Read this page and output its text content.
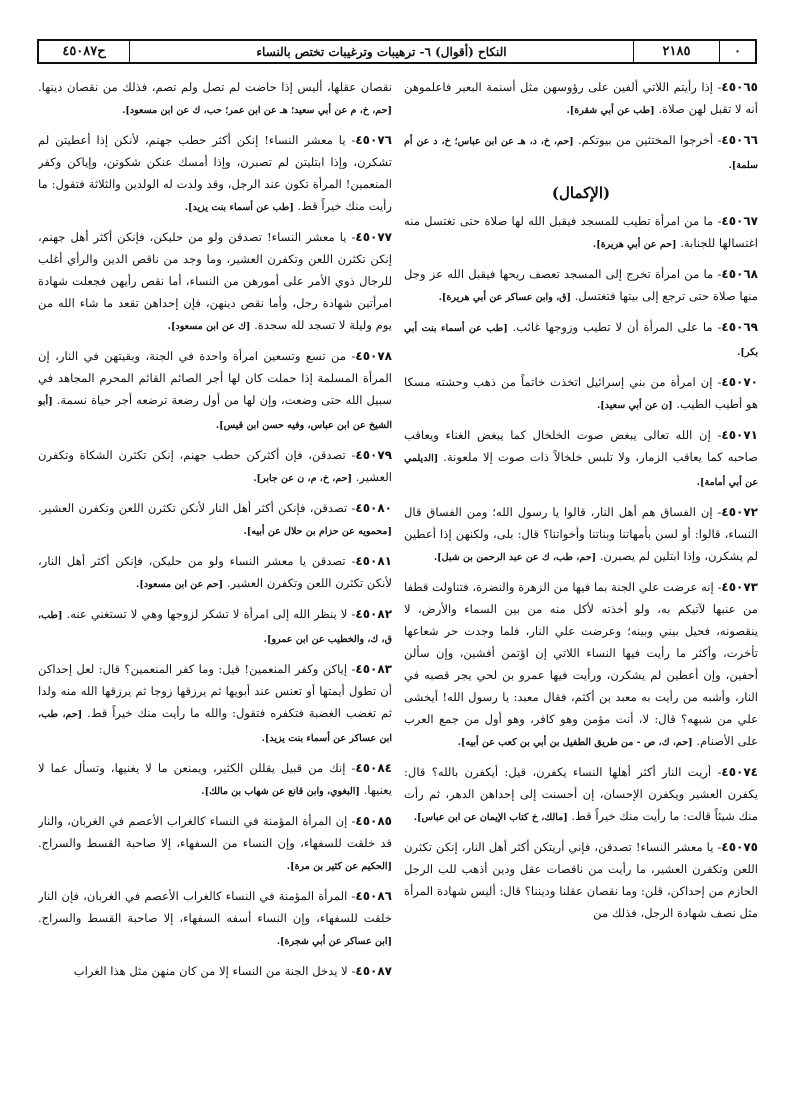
٠
٢١٨٥
النكاح (أقوال) ٦- ترهيبات وترغيبات تختص بالنساء
ح٤٥٠٨٧
٤٥٠٦٥- إذا رأيتم اللاتي ألفين على رؤوسهن مثل أسنمة البعير فاعلموهن أنه لا تقبل لهن صلاة. [طب عن أبي شقرة].
٤٥٠٦٦- أخرجوا المختثين من بيوتكم. [حم، خ، د، هـ عن ابن عباس؛ خ، د عن أم سلمة].
(الإكمال)
٤٥٠٦٧- ما من امرأة تطيب للمسجد فيقبل الله لها صلاة حتى تغتسل منه اغتسالها للجنابة. [حم عن أبي هريرة].
٤٥٠٦٨- ما من امرأة تخرج إلى المسجد تعصف ريحها فيقبل الله عز وجل منها صلاة حتى ترجع إلى بيتها فتغتسل. [ق، وابن عساكر عن أبي هريرة].
٤٥٠٦٩- ما على المرأة أن لا تطيب وزوجها غائب. [طب عن أسماء بنت أبي بكر].
٤٥٠٧٠- إن امرأة من بني إسرائيل اتخذت خاتماً من ذهب وحشته مسكا هو أطيب الطيب. [ن عن أبي سعيد].
٤٥٠٧١- إن الله تعالى يبغض صوت الخلخال كما يبغض الغناء ويعاقب صاحبه كما يعاقب الزمار، ولا تلبس خلخالاً ذات صوت إلا ملعونة. [الديلمي عن أبي أمامة].
٤٥٠٧٢- إن الفساق هم أهل النار، قالوا يا رسول الله؛ ومن الفساق قال النساء، قالوا: أو لسن بأمهاتنا وبناتنا وأخواتنا؟ قال: بلى، ولكنهن إذا أعطين لم يشكرن، وإذا ابتلين لم يصبرن. [حم، طب، ك عن عبد الرحمن بن شبل].
٤٥٠٧٣- إنه عرضت علي الجنة بما فيها من الزهرة والنضرة، فتناولت قطفا من عنبها لآتيكم به، ولو أخذته لأكل منه من بين السماء والأرض، لا ينقصونه، فحيل بيني وبينه؛ وعرضت علي النار، فلما وجدت حر شعاعها تأخرت، وأكثر ما رأيت فيها النساء اللاتي إن اؤتمن أفشين، وإن سألن أحفين، وإن أعطين لم يشكرن، ورأيت فيها عمرو بن لحي يجر قصبه في النار، وأشبه من رأيت به معبد بن أكثم، فقال معبد: يا رسول الله! أيخشى علي من شبهه؟ قال: لا، أنت مؤمن وهو كافر، وهو أول من جمع العرب على الأصنام. [حم، ك، ص - من طريق الطفيل بن أبي بن كعب عن أبيه].
٤٥٠٧٤- أريت النار أكثر أهلها النساء يكفرن، قيل: أيكفرن بالله؟ قال: يكفرن العشير ويكفرن الإحسان، إن أحسنت إلى إحداهن الدهر، ثم رأت منك شيئاً قالت: ما رأيت منك خيراً قط. [مالك، خ كتاب الإيمان عن ابن عباس].
٤٥٠٧٥- يا معشر النساء! تصدقن، فإني أريتكن أكثر أهل النار، إنكن تكثرن اللعن وتكفرن العشير، ما رأيت من ناقصات عقل ودين أذهب للب الرجل الحازم من إحداكن، قلن: وما نقصان عقلنا وديننا؟ قال: أليس شهادة المرأة مثل نصف شهادة الرجل، فذلك من
نقصان عقلها، أليس إذا حاضت لم تصل ولم تصم، فذلك من نقصان دينها. [حم، خ، م عن أبي سعيد؛ هـ عن ابن عمر؛ حب، ك عن ابن مسعود].
٤٥٠٧٦- يا معشر النساء! إنكن أكثر حطب جهنم، لأنكن إذا أعطيتن لم تشكرن، وإذا ابتليتن لم تصبرن، وإذا أمسك عنكن شكوتن، وإياكن وكفر المنعمين! المرأة تكون عند الرجل، وقد ولدت له الولدين والثلاثة فتقول: ما رأيت منك خيراً قط. [طب عن أسماء بنت يزيد].
٤٥٠٧٧- يا معشر النساء! تصدقن ولو من حليكن، فإنكن أكثر أهل جهنم، إنكن تكثرن اللعن وتكفرن العشير، وما وجد من ناقص الدين والرأي أغلب للرجال ذوي الأمر على أمورهن من النساء، أما نقص رأيهن فجعلت شهادة امرأتين شهادة رجل، وأما نقص دينهن، فإن إحداهن تقعد ما شاء الله من يوم وليلة لا تسجد لله سجدة. [ك عن ابن مسعود].
٤٥٠٧٨- من تسع وتسعين امرأة واحدة في الجنة، وبقيتهن في النار، إن المرأة المسلمة إذا حملت كان لها أجر الصائم القائم المحرم المجاهد في سبيل الله حتى وضعت، وإن لها من أول رضعة ترضعه أجر حياة نسمة. [أبو الشيخ عن ابن عباس، وفيه حسن ابن قيس].
٤٥٠٧٩- تصدقن، فإن أكثركن حطب جهنم، إنكن تكثرن الشكاة وتكفرن العشير. [حم، خ، م، ن عن جابر].
٤٥٠٨٠- تصدقن، فإنكن أكثر أهل النار لأنكن تكثرن اللعن وتكفرن العشير. [محمويه عن حزام بن حلال عن أبيه].
٤٥٠٨١- تصدقن يا معشر النساء ولو من حليكن، فإنكن أكثر أهل النار، لأنكن تكثرن اللعن وتكفرن العشير. [حم عن ابن مسعود].
٤٥٠٨٢- لا ينظر الله إلى امرأة لا تشكر لزوجها وهي لا تستغني عنه. [طب، ق، ك، والخطيب عن ابن عمرو].
٤٥٠٨٣- إياكن وكفر المنعمين! قيل: وما كفر المنعمين؟ قال: لعل إحداكن أن تطول أيمتها أو تعنس عند أبويها ثم يرزقها زوجا ثم يرزقها الله منه ولدا ثم تغضب الغضبة فتكفره فتقول: والله ما رأيت منك خيراً قط. [حم، طب، ابن عساكر عن أسماء بنت يزيد].
٤٥٠٨٤- إنك من قبيل يقللن الكثير، ويمنعن ما لا يغنيها، وتسأل عما لا يعنيها. [البغوي، وابن قانع عن شهاب بن مالك].
٤٥٠٨٥- إن المرأة المؤمنة في النساء كالغراب الأعصم في الغربان، والنار قد خلقت للسفهاء، وإن النساء من السفهاء، إلا صاحبة القسط والسراج. [الحكيم عن كثير بن مرة].
٤٥٠٨٦- المرأة المؤمنة في النساء كالغراب الأعصم في الغربان، فإن النار خلقت للسفهاء، وإن النساء أسفه السفهاء، إلا صاحبة القسط والسراج. [ابن عساكر عن أبي شجرة].
٤٥٠٨٧- لا يدخل الجنة من النساء إلا من كان منهن مثل هذا الغراب
